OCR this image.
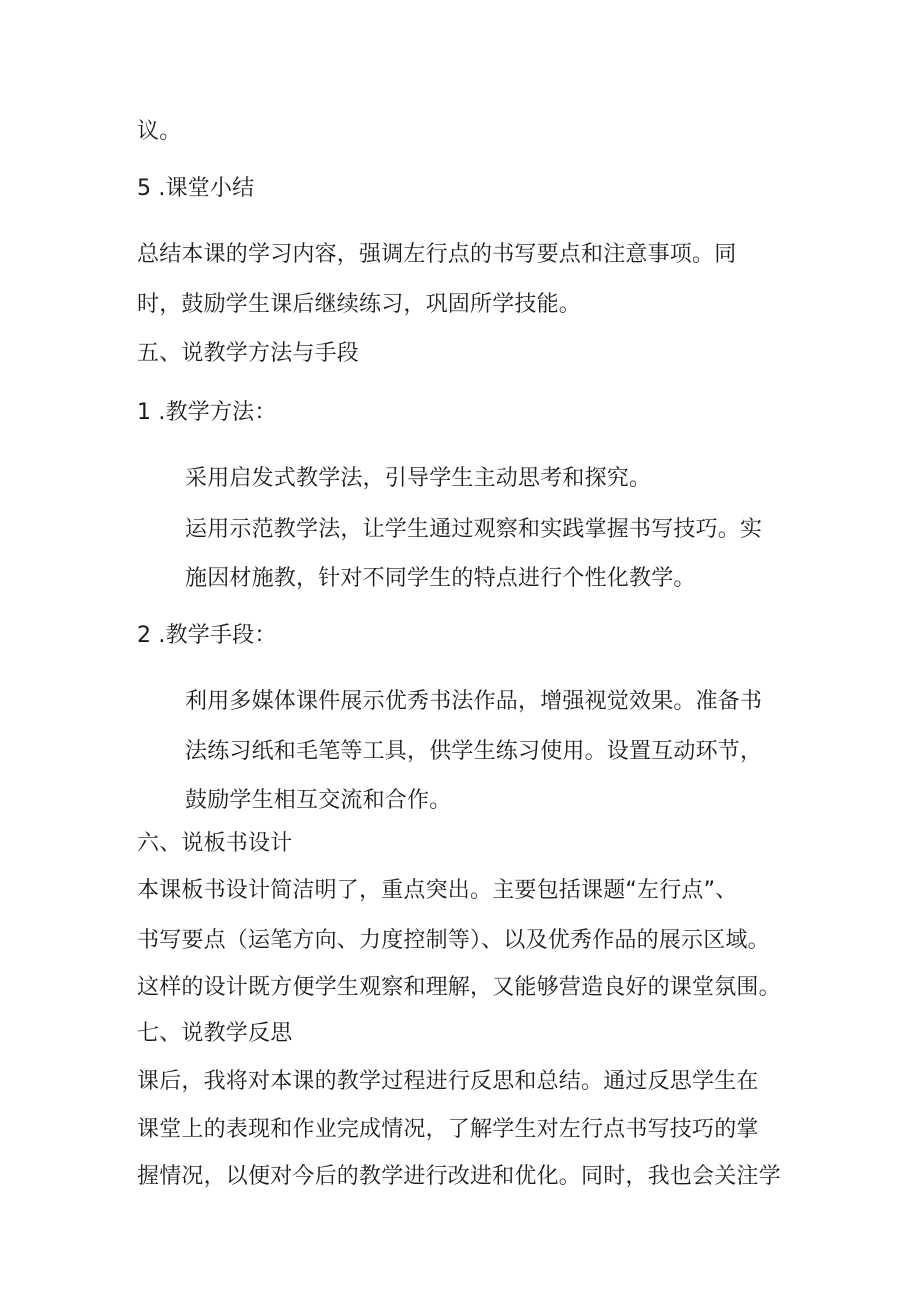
议。
5 .课堂小结
总结本课的学习内容，强调左行点的书写要点和注意事项。同
时，鼓励学生课后继续练习，巩固所学技能。
五、说教学方法与手段
1 .教学方法：
采用启发式教学法，引导学生主动思考和探究。
运用示范教学法，让学生通过观察和实践掌握书写技巧。实
施因材施教，针对不同学生的特点进行个性化教学。
2 .教学手段：
利用多媒体课件展示优秀书法作品，增强视觉效果。准备书
法练习纸和毛笔等工具，供学生练习使用。设置互动环节，
鼓励学生相互交流和合作。
六、说板书设计
本课板书设计简洁明了，重点突出。主要包括课题“左行点”、
书写要点（运笔方向、力度控制等）、以及优秀作品的展示区域。
这样的设计既方便学生观察和理解，又能够营造良好的课堂氛围。
七、说教学反思
课后，我将对本课的教学过程进行反思和总结。通过反思学生在
课堂上的表现和作业完成情况，了解学生对左行点书写技巧的掌
握情况，以便对今后的教学进行改进和优化。同时，我也会关注学
